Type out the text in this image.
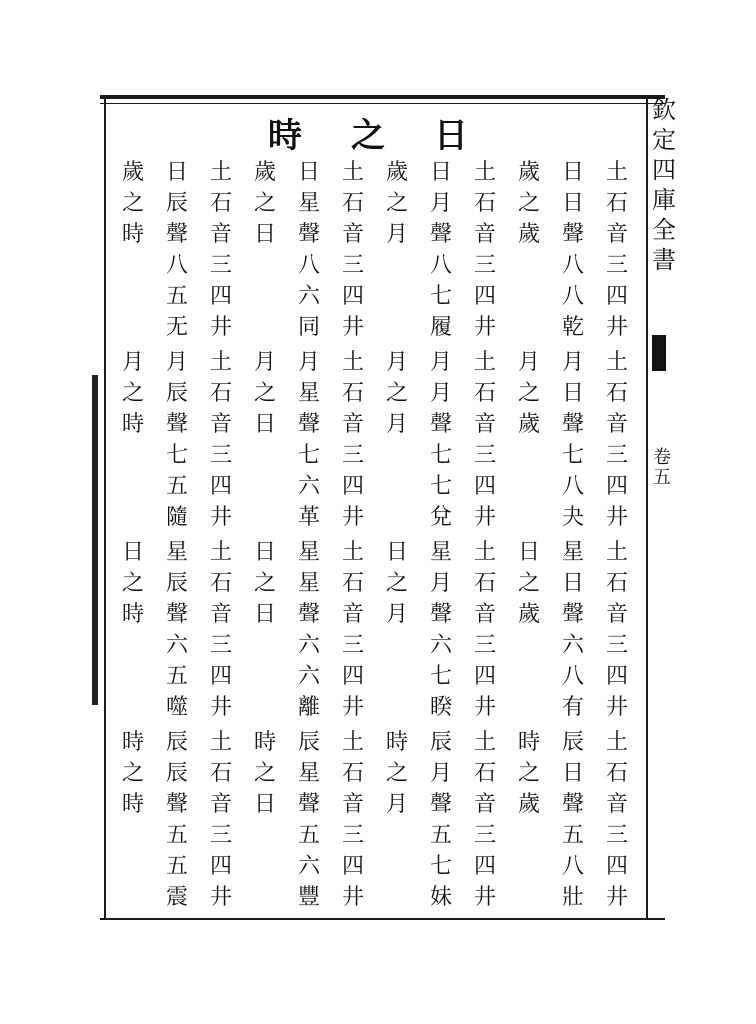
欽
定
四
庫
全
書
卷五
時 之 日
土
石
音
三
四
井
土
石
音
三
四
井
土
石
音
三
四
井
土
石
音
三
四
井
日
日
聲
八
八
乾
月
日
聲
七
八
夬
星
日
聲
六
八
有
辰
日
聲
五
八
壯
歲
之
歲
月
之
歲
日
之
歲
時
之
歲
土
石
音
三
四
井
土
石
音
三
四
井
土
石
音
三
四
井
土
石
音
三
四
井
日
月
聲
八
七
履
月
月
聲
七
七
兌
星
月
聲
六
七
睽
辰
月
聲
五
七
妹
歲
之
月
月
之
月
日
之
月
時
之
月
土
石
音
三
四
井
土
石
音
三
四
井
土
石
音
三
四
井
土
石
音
三
四
井
日
星
聲
八
六
同
月
星
聲
七
六
革
星
星
聲
六
六
離
辰
星
聲
五
六
豐
歲
之
日
月
之
日
日
之
日
時
之
日
土
石
音
三
四
井
土
石
音
三
四
井
土
石
音
三
四
井
土
石
音
三
四
井
日
辰
聲
八
五
无
月
辰
聲
七
五
隨
星
辰
聲
六
五
噬
辰
辰
聲
五
五
震
歲
之
時
月
之
時
日
之
時
時
之
時
